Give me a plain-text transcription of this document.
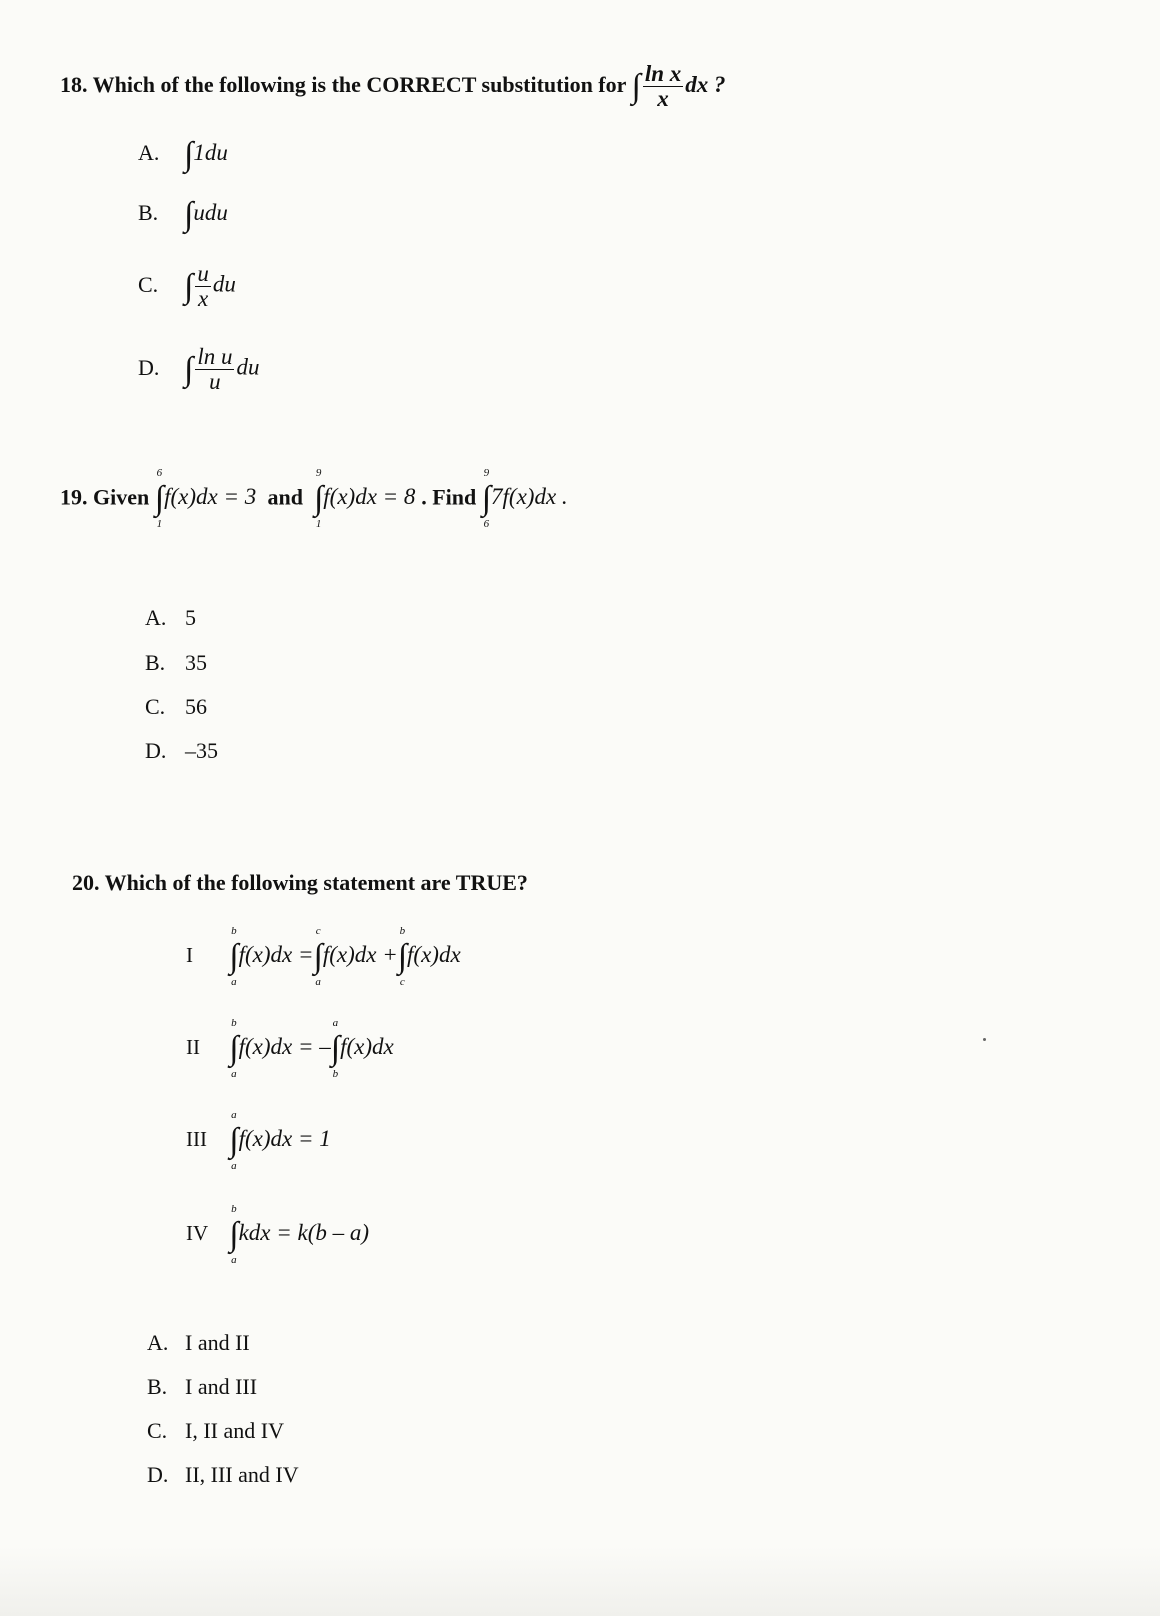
18. Which of the following is the CORRECT substitution for ∫ $\frac{\text{ln x}}{x}$ dx ?
A. ∫1du
B. ∫udu
C. ∫ $\frac{u}{x}$ du
D. ∫ $\frac{\text{ln u}}{u}$ du
19. Given ∫
6
1
f(x)dx = 3 and ∫
9
1
f(x)dx = 8 . Find ∫
9
6
7f(x)dx .
A. 5
B. 35
C. 56
D. –35
20. Which of the following statement are TRUE?
I ∫
b
a
f(x)dx =∫
c
a
f(x)dx +∫
b
c
f(x)dx
II ∫
b
a
f(x)dx = –∫
a
b
f(x)dx
III ∫
a
a
f(x)dx = 1
IV ∫
b
a
kdx = k(b – a)
A. I and II
B. I and III
C. I, II and IV
D. II, III and IV
